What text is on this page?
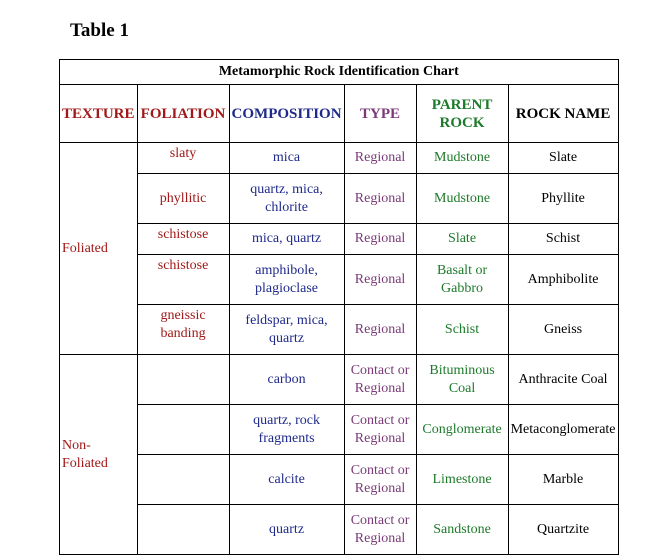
Table 1
Metamorphic Rock Identification Chart					
TEXTURE	FOLIATION	COMPOSITION	TYPE	PARENT ROCK	ROCK NAME
Foliated	slaty	mica	Regional	Mudstone	Slate
	phyllitic	quartz, mica, chlorite	Regional	Mudstone	Phyllite
	schistose	mica, quartz	Regional	Slate	Schist
	schistose	amphibole, plagioclase	Regional	Basalt or Gabbro	Amphibolite
	gneissic banding	feldspar, mica, quartz	Regional	Schist	Gneiss
Non-Foliated		carbon	Contact or Regional	Bituminous Coal	Anthracite Coal
		quartz, rock fragments	Contact or Regional	Conglomerate	Metaconglomerate
		calcite	Contact or Regional	Limestone	Marble
		quartz	Contact or Regional	Sandstone	Quartzite
